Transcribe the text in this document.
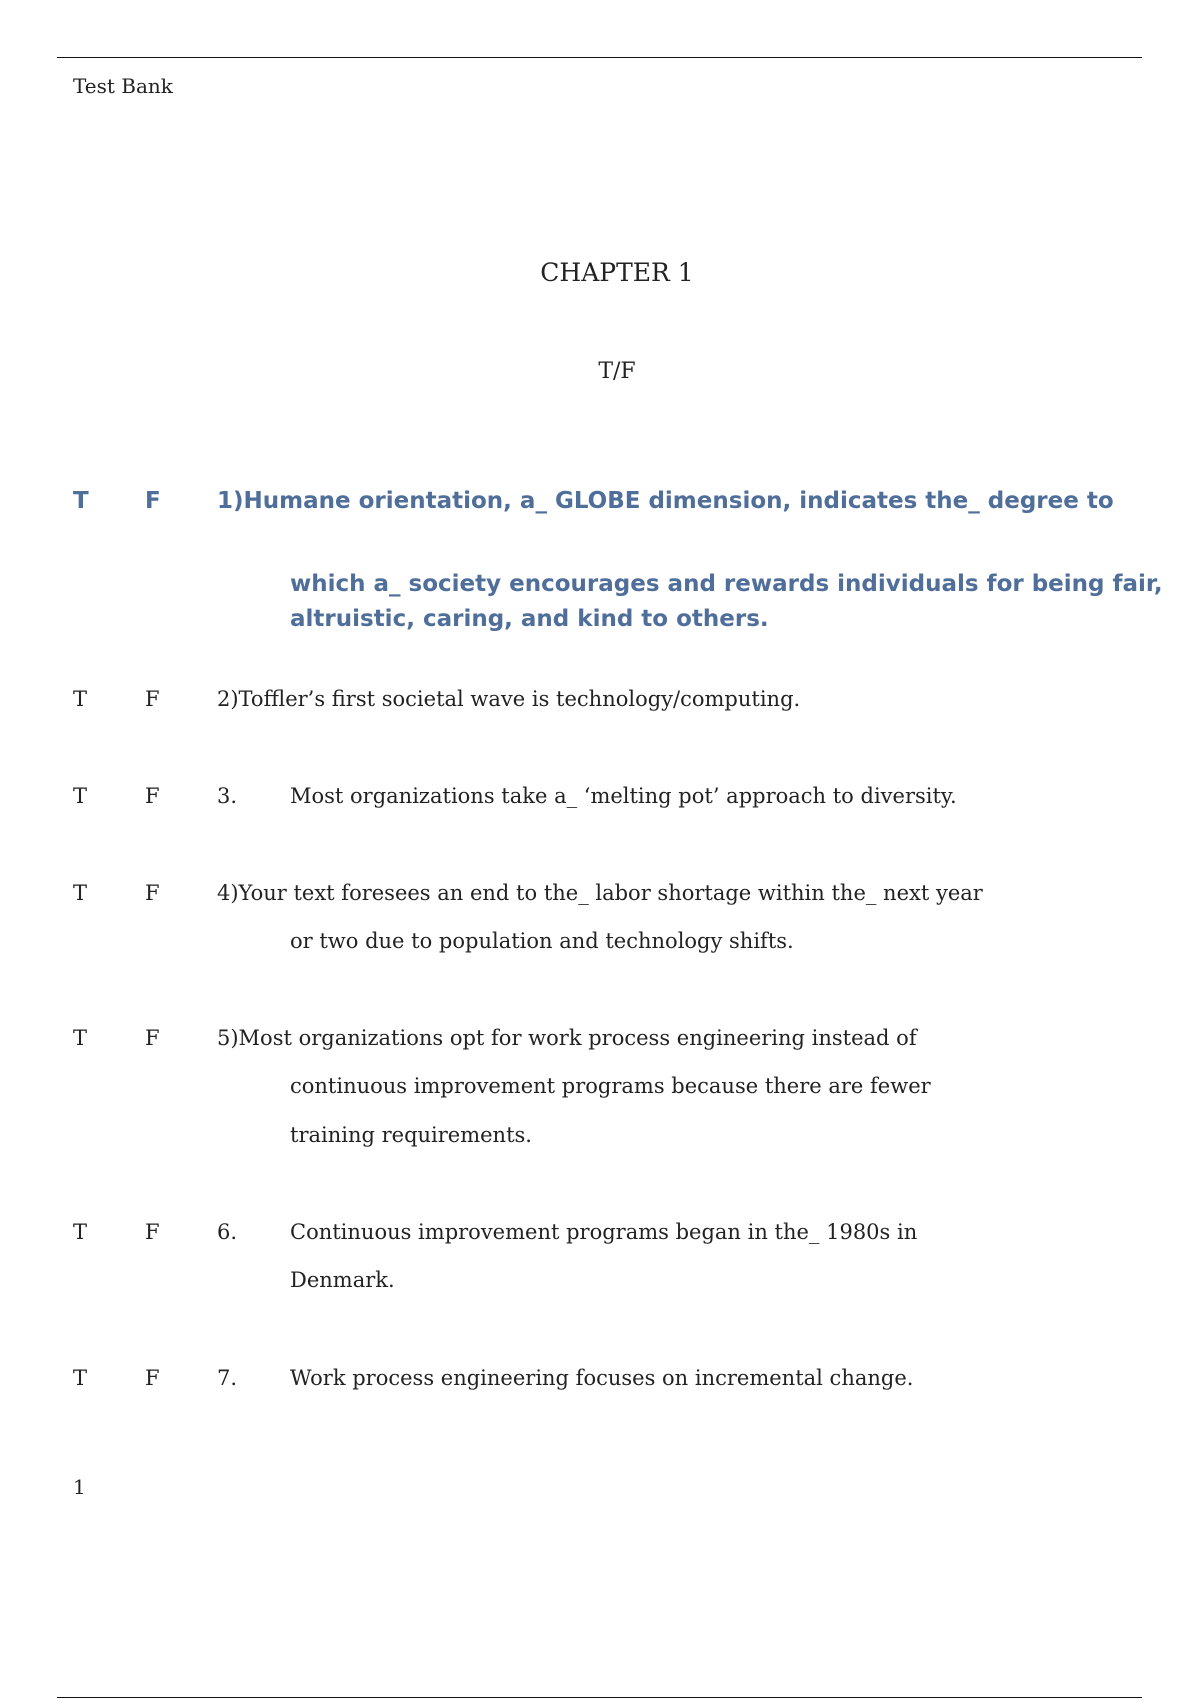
Test Bank
CHAPTER 1
T/F
T F 1)Humane orientation, a_ GLOBE dimension, indicates the_ degree to
which a_ society encourages and rewards individuals for being fair,
altruistic, caring, and kind to others.
T	F	2)Toffler’s first societal wave is technology/computing.
T	F	3.	Most organizations take a_ ‘melting pot’ approach to diversity.
T	F	4)Your text foresees an end to the_ labor shortage within the_ next year
or two due to population and technology shifts.
T	F	5)Most organizations opt for work process engineering instead of
continuous improvement programs because there are fewer
training requirements.
T	F	6.	Continuous improvement programs began in the_ 1980s in
Denmark.
T	F	7.	Work process engineering focuses on incremental change.
1
